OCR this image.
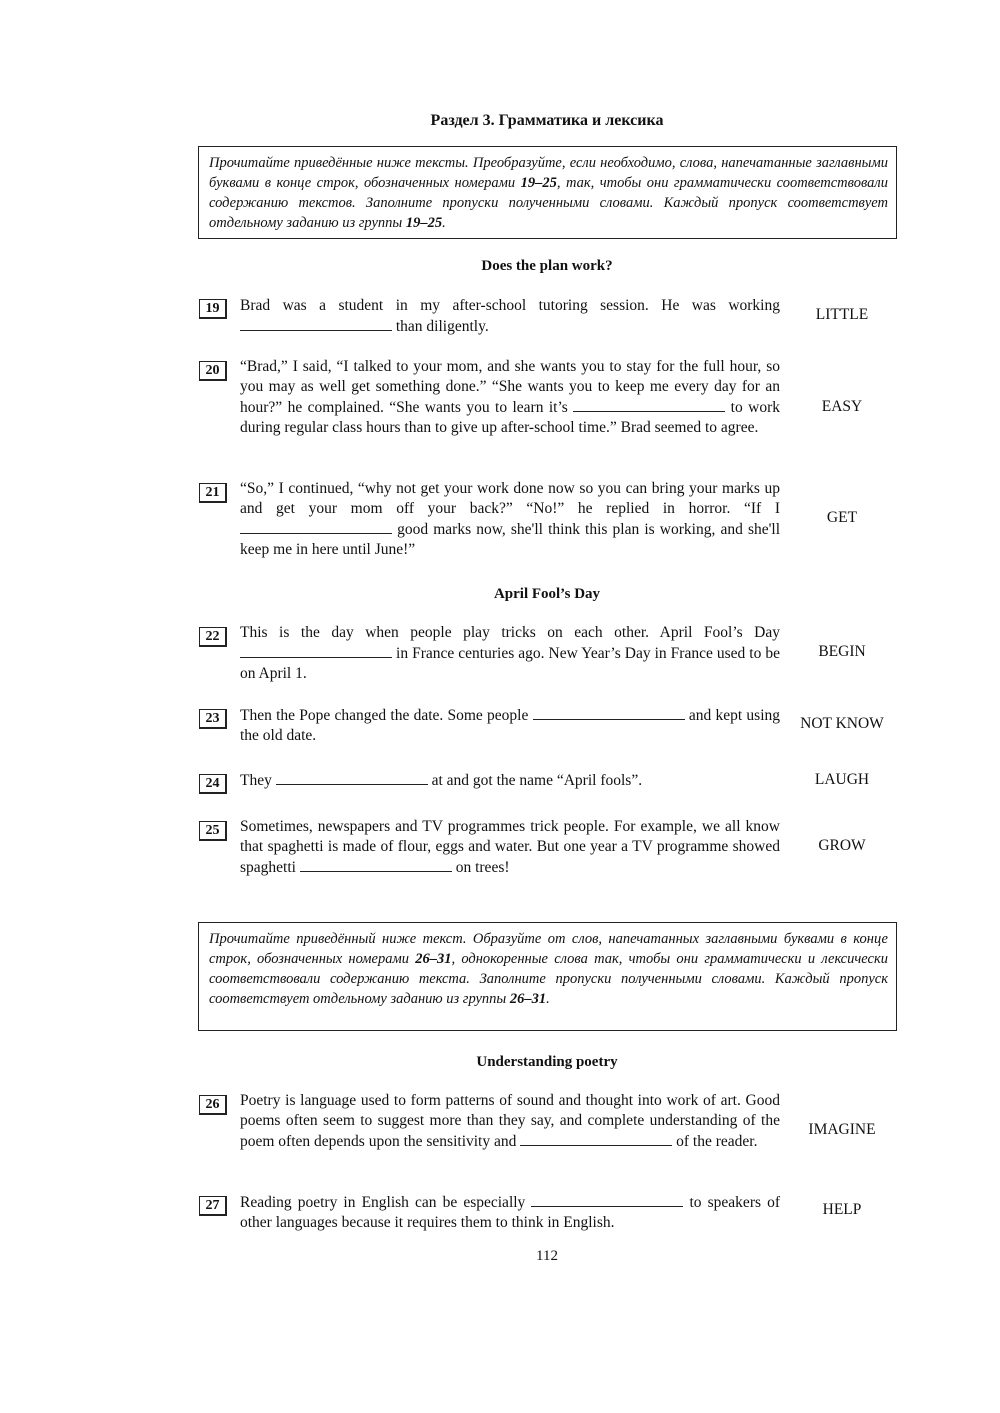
Раздел 3. Грамматика и лексика
Прочитайте приведённые ниже тексты. Преобразуйте, если необходимо, слова, напечатанные заглавными буквами в конце строк, обозначенных номерами 19–25, так, чтобы они грамматически соответствовали содержанию текстов. Заполните пропуски полученными словами. Каждый пропуск соответствует отдельному заданию из группы 19–25.
Does the plan work?
19	Brad was a student in my after-school tutoring session. He was working  than diligently.
LITTLE
20	“Brad,” I said, “I talked to your mom, and she wants you to stay for the full hour, so you may as well get something done.” “She wants you to keep me every day for an hour?” he complained. “She wants you to learn it’s	to work during regular class hours than to give up after-school time.” Brad seemed to agree.
EASY
21	“So,” I continued, “why not get your work done now so you can bring your marks up and get your mom off your back?” “No!” he replied in horror. “If I  good marks now, she'll think this plan is working, and she'll keep me in here until June!”
GET
April Fool’s Day
22	This is the day when people play tricks on each other. April Fool’s Day  in France centuries ago. New Year’s Day in France used to be on April 1.
BEGIN
23	Then the Pope changed the date. Some people	and kept using the old date.
NOT KNOW
24	They	at and got the name “April fools”.	LAUGH
25	Sometimes, newspapers and TV programmes trick people. For example, we all know that spaghetti is made of flour, eggs and water. But one year a TV programme showed spaghetti	on trees!
GROW
Прочитайте приведённый ниже текст. Образуйте от слов, напечатанных заглавными буквами в конце строк, обозначенных номерами 26–31, однокоренные слова так, чтобы они грамматически и лексически соответствовали содержанию текста. Заполните пропуски полученными словами. Каждый пропуск соответствует отдельному заданию из группы 26–31.
Understanding poetry
26	Poetry is language used to form patterns of sound and thought into work of art. Good poems often seem to suggest more than they say, and complete understanding of the poem often depends upon the sensitivity and	of the reader.
IMAGINE
27	Reading poetry in English can be especially	to speakers of other languages because it requires them to think in English.
HELP
112
